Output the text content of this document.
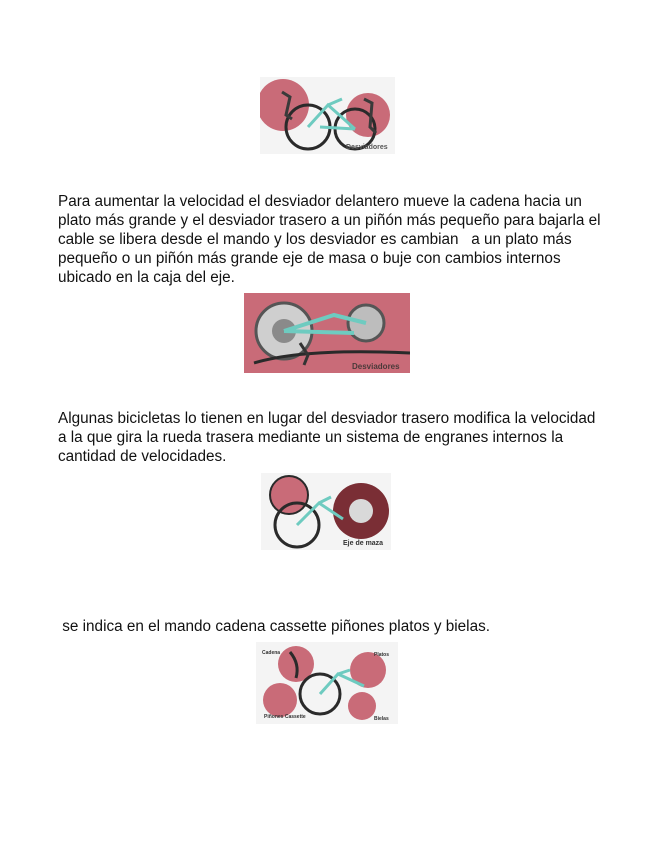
Desviadores

Para aumentar la velocidad el desviador delantero mueve la cadena hacia un plato más grande y el desviador trasero a un piñón más pequeño para bajarla el cable se libera desde el mando y los desviador es cambian   a un plato más pequeño o un piñón más grande eje de masa o buje con cambios internos ubicado en la caja del eje.

Desviadores

Algunas bicicletas lo tienen en lugar del desviador trasero modifica la velocidad a la que gira la rueda trasera mediante un sistema de engranes internos la cantidad de velocidades.

Eje de maza

se indica en el mando cadena cassette piñones platos y bielas.

Cadena	Platos
Piñones Cassette	Bielas
